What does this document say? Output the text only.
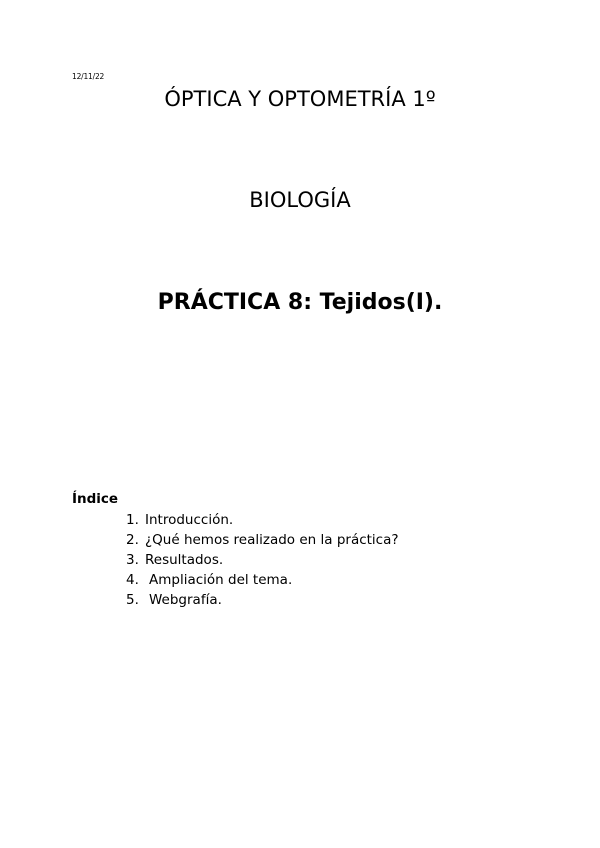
12/11/22
ÓPTICA Y OPTOMETRÍA 1º
BIOLOGÍA
PRÁCTICA 8: Tejidos(I).
Índice
1. Introducción.
2. ¿Qué hemos realizado en la práctica?
3. Resultados.
4. Ampliación del tema.
5. Webgrafía.
